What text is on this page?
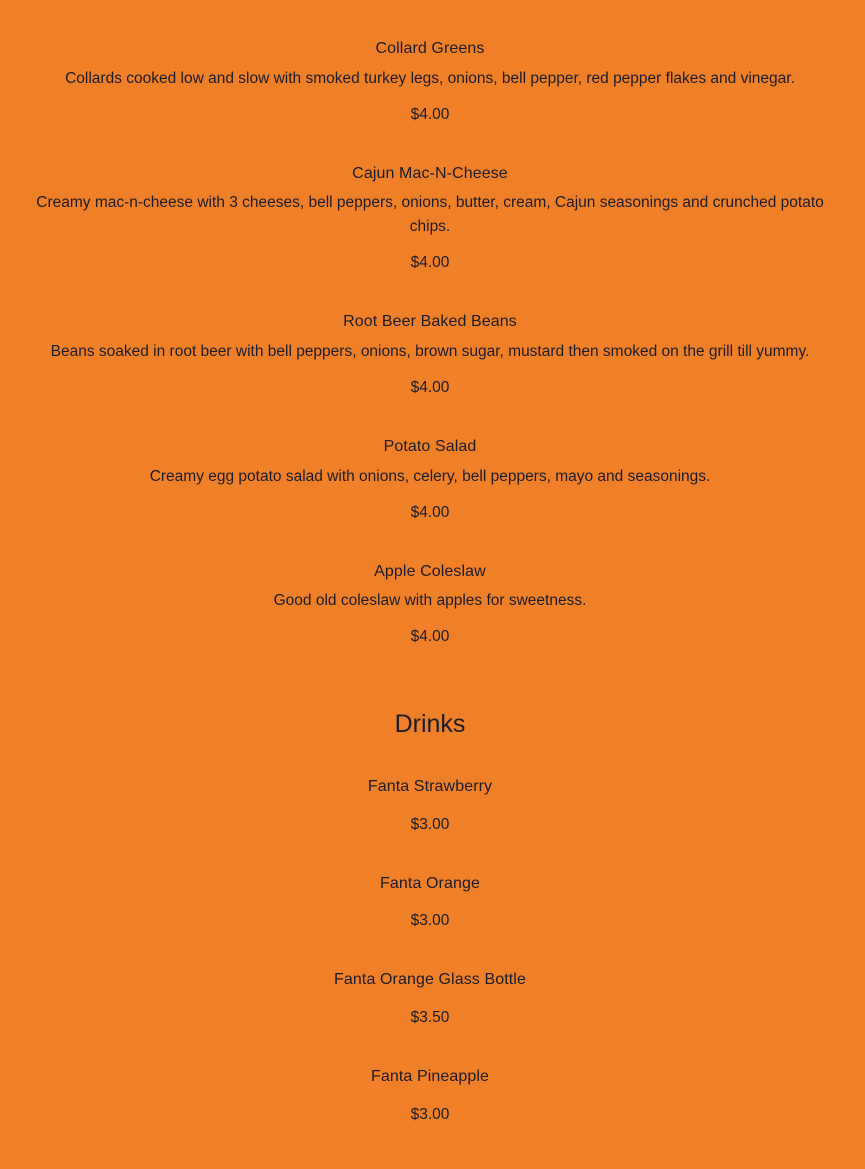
Collard Greens
Collards cooked low and slow with smoked turkey legs, onions, bell pepper, red pepper flakes and vinegar.
$4.00
Cajun Mac-N-Cheese
Creamy mac-n-cheese with 3 cheeses, bell peppers, onions, butter, cream, Cajun seasonings and crunched potato chips.
$4.00
Root Beer Baked Beans
Beans soaked in root beer with bell peppers, onions, brown sugar, mustard then smoked on the grill till yummy.
$4.00
Potato Salad
Creamy egg potato salad with onions, celery, bell peppers, mayo and seasonings.
$4.00
Apple Coleslaw
Good old coleslaw with apples for sweetness.
$4.00
Drinks
Fanta Strawberry
$3.00
Fanta Orange
$3.00
Fanta Orange Glass Bottle
$3.50
Fanta Pineapple
$3.00
